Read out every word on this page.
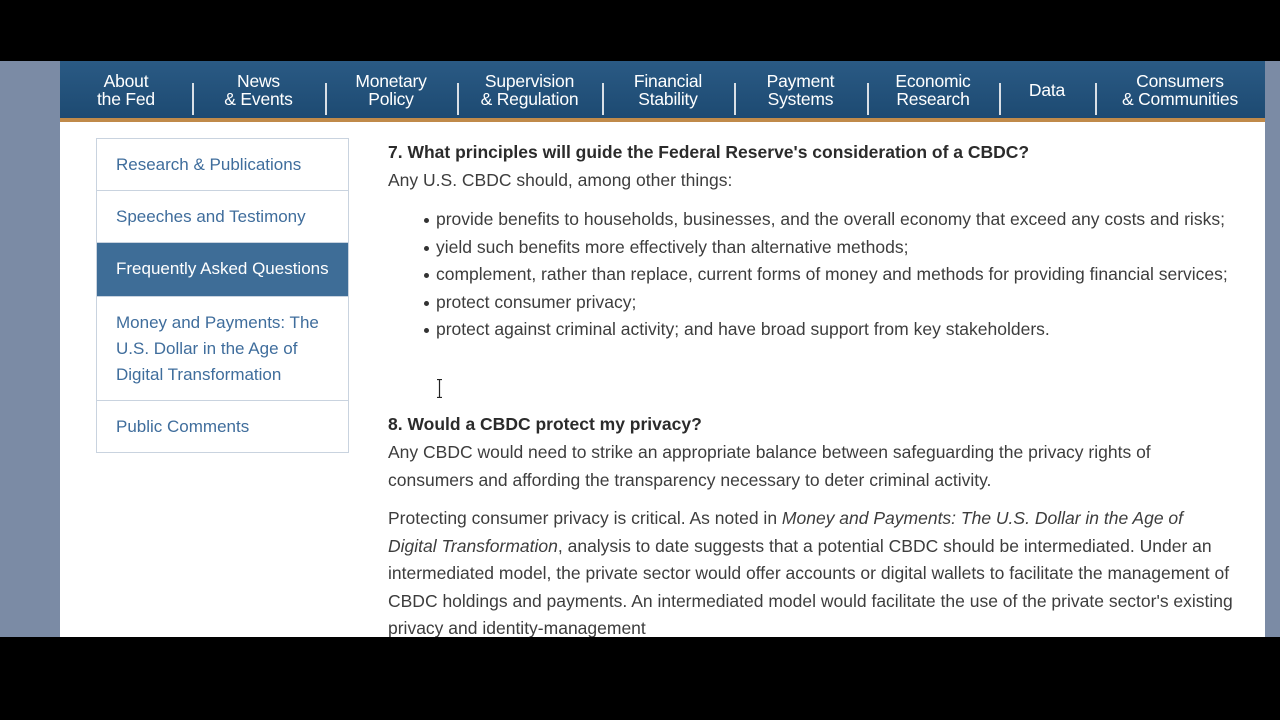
About
the Fed
News
& Events
Monetary
Policy
Supervision
& Regulation
Financial
Stability
Payment
Systems
Economic
Research	Data	Consumers
& Communities
Research & Publications
Speeches and Testimony
Frequently Asked Questions
Money and Payments: The U.S. Dollar in the Age of Digital Transformation
Public Comments
7. What principles will guide the Federal Reserve's consideration of a CBDC?
Any U.S. CBDC should, among other things:
provide benefits to households, businesses, and the overall economy that exceed any costs and risks;
yield such benefits more effectively than alternative methods;
complement, rather than replace, current forms of money and methods for providing financial services;
protect consumer privacy;
protect against criminal activity; and have broad support from key stakeholders.
8. Would a CBDC protect my privacy?
Any CBDC would need to strike an appropriate balance between safeguarding the privacy rights of consumers and affording the transparency necessary to deter criminal activity.
Protecting consumer privacy is critical. As noted in Money and Payments: The U.S. Dollar in the Age of Digital Transformation, analysis to date suggests that a potential CBDC should be intermediated. Under an intermediated model, the private sector would offer accounts or digital wallets to facilitate the management of CBDC holdings and payments. An intermediated model would facilitate the use of the private sector's existing privacy and identity-management
